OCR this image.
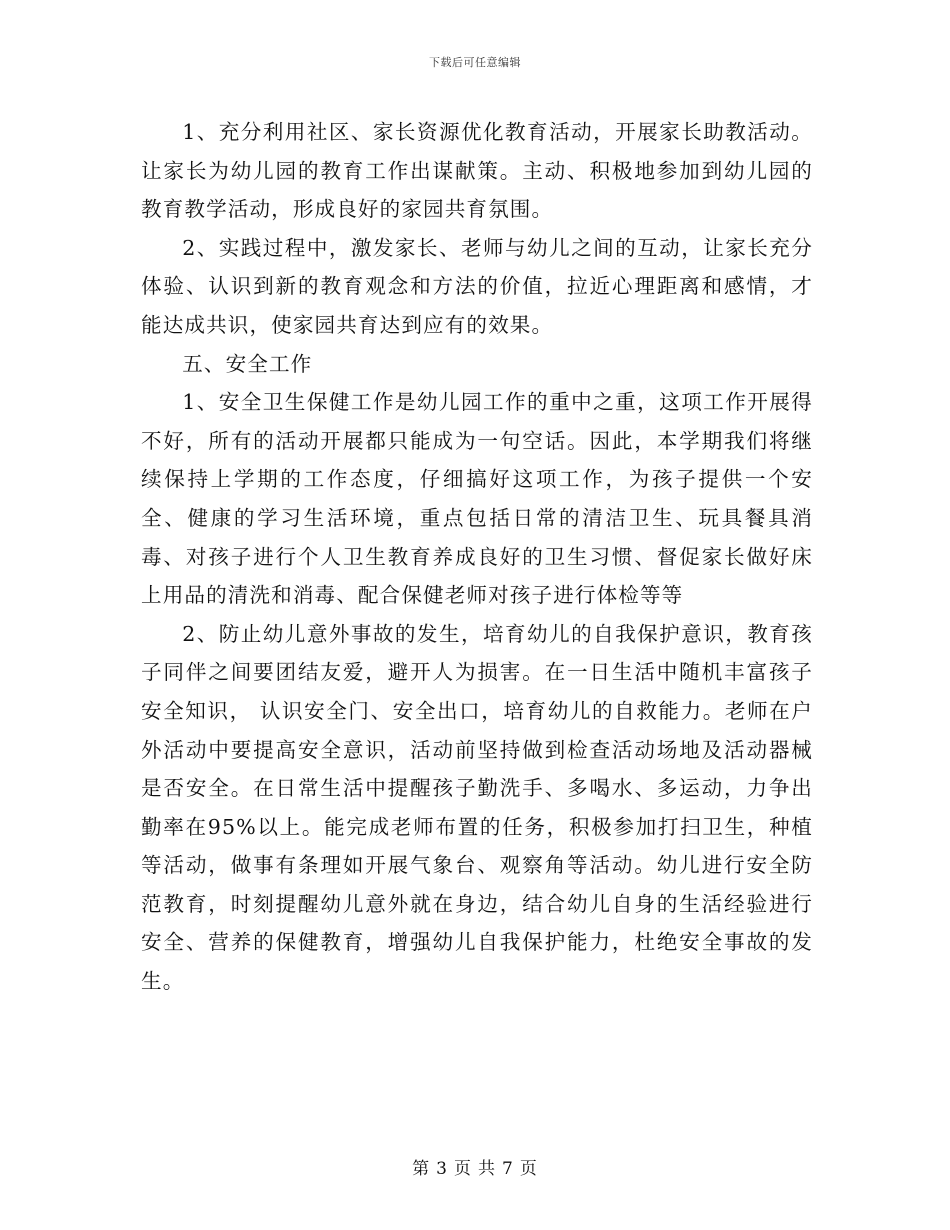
下载后可任意编辑

1、充分利用社区、家长资源优化教育活动，开展家长助教活动。让家长为幼儿园的教育工作出谋献策。主动、积极地参加到幼儿园的教育教学活动，形成良好的家园共育氛围。

2、实践过程中，激发家长、老师与幼儿之间的互动，让家长充分体验、认识到新的教育观念和方法的价值，拉近心理距离和感情，才能达成共识，使家园共育达到应有的效果。

五、安全工作

1、安全卫生保健工作是幼儿园工作的重中之重，这项工作开展得不好，所有的活动开展都只能成为一句空话。因此，本学期我们将继续保持上学期的工作态度，仔细搞好这项工作，为孩子提供一个安全、健康的学习生活环境，重点包括日常的清洁卫生、玩具餐具消毒、对孩子进行个人卫生教育养成良好的卫生习惯、督促家长做好床上用品的清洗和消毒、配合保健老师对孩子进行体检等等

2、防止幼儿意外事故的发生，培育幼儿的自我保护意识，教育孩子同伴之间要团结友爱，避开人为损害。在一日生活中随机丰富孩子安全知识， 认识安全门、安全出口，培育幼儿的自救能力。老师在户外活动中要提高安全意识，活动前坚持做到检查活动场地及活动器械是否安全。在日常生活中提醒孩子勤洗手、多喝水、多运动，力争出勤率在95%以上。能完成老师布置的任务，积极参加打扫卫生，种植等活动，做事有条理如开展气象台、观察角等活动。幼儿进行安全防范教育，时刻提醒幼儿意外就在身边，结合幼儿自身的生活经验进行安全、营养的保健教育，增强幼儿自我保护能力，杜绝安全事故的发生。

第 3 页 共 7 页
